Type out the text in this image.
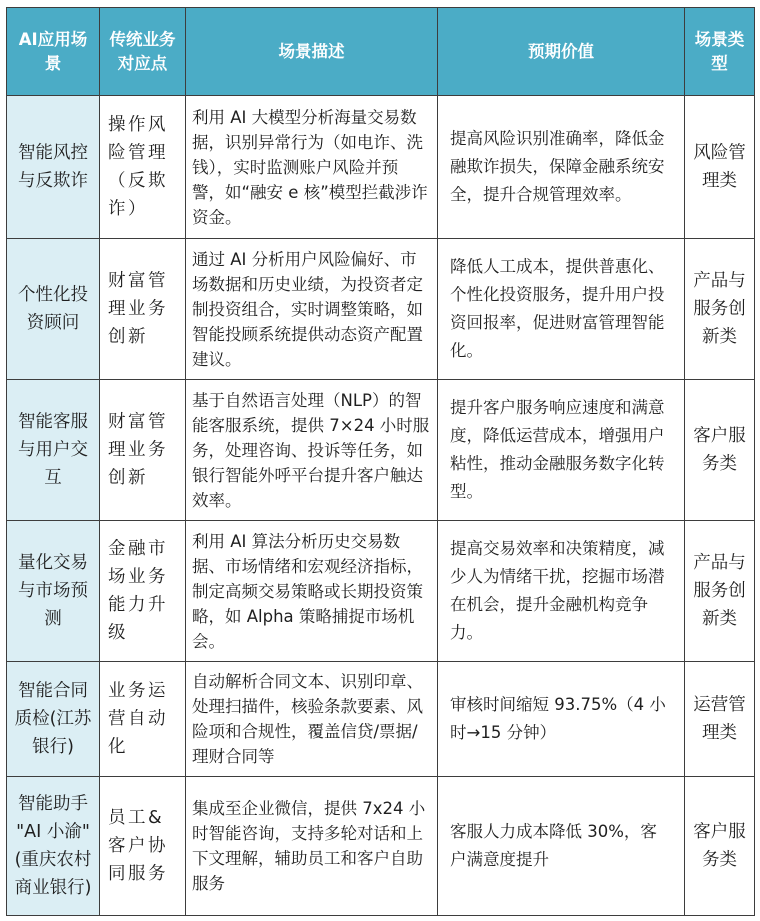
AI应用场景	传统业务对应点	场景描述	预期价值	场景类型

智能风控与反欺诈	操作风险管理（反欺诈）	利用 AI 大模型分析海量交易数据，识别异常行为（如电诈、洗钱），实时监测账户风险并预警，如“融安 e 核”模型拦截涉诈资金。	提高风险识别准确率，降低金融欺诈损失，保障金融系统安全，提升合规管理效率。	风险管理类

个性化投资顾问	财富管理业务创新	通过 AI 分析用户风险偏好、市场数据和历史业绩，为投资者定制投资组合，实时调整策略，如智能投顾系统提供动态资产配置建议。	降低人工成本，提供普惠化、个性化投资服务，提升用户投资回报率，促进财富管理智能化。	产品与服务创新类

智能客服与用户交互	财富管理业务创新	基于自然语言处理（NLP）的智能客服系统，提供 7×24 小时服务，处理咨询、投诉等任务，如银行智能外呼平台提升客户触达效率。	提升客户服务响应速度和满意度，降低运营成本，增强用户粘性，推动金融服务数字化转型。	客户服务类

量化交易与市场预测	金融市场业务能力升级	利用 AI 算法分析历史交易数据、市场情绪和宏观经济指标，制定高频交易策略或长期投资策略，如 Alpha 策略捕捉市场机会。	提高交易效率和决策精度，减少人为情绪干扰，挖掘市场潜在机会，提升金融机构竞争力。	产品与服务创新类

智能合同质检(江苏银行)	业务运营自动化	自动解析合同文本、识别印章、处理扫描件，核验条款要素、风险项和合规性，覆盖信贷/票据/理财合同等	审核时间缩短 93.75%（4 小时→15 分钟）	运营管理类

智能助手 "AI 小渝"(重庆农村商业银行)	员工&客户协同服务	集成至企业微信，提供 7x24 小时智能咨询，支持多轮对话和上下文理解，辅助员工和客户自助服务	客服人力成本降低 30%，客户满意度提升	客户服务类
